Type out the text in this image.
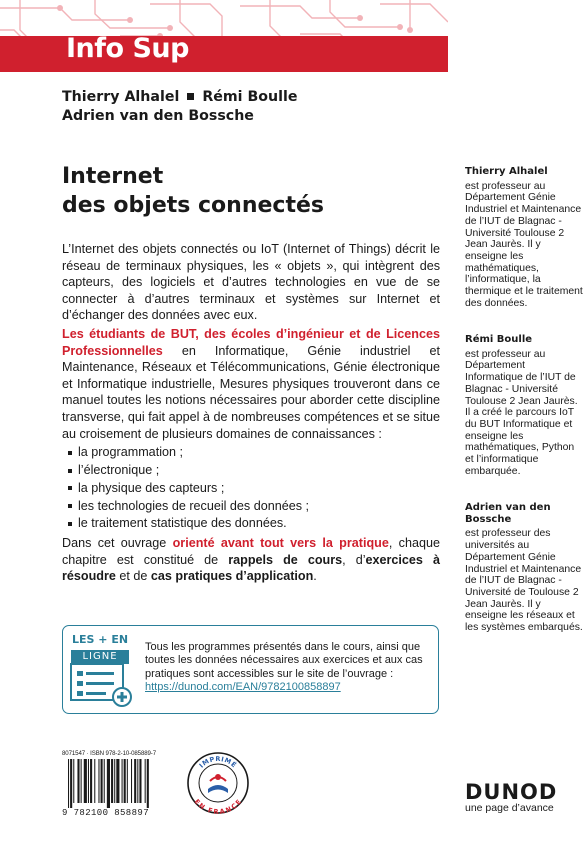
Info Sup
Thierry Alhalel Rémi Boulle
Adrien van den Bossche
Internet
des objets connectés

L’Internet des objets connectés ou IoT (Internet of Things) décrit le réseau de terminaux physiques, les « objets », qui intègrent des capteurs, des logiciels et d’autres technologies en vue de se connecter à d’autres terminaux et systèmes sur Internet et d’échanger des données avec eux.

Les étudiants de BUT, des écoles d’ingénieur et de Licences Professionnelles en Informatique, Génie industriel et Maintenance, Réseaux et Télécommunications, Génie électronique et Informatique industrielle, Mesures physiques trouveront dans ce manuel toutes les notions nécessaires pour aborder cette discipline transverse, qui fait appel à de nombreuses compétences et se situe au croisement de plusieurs domaines de connaissances :

la programmation ;
l’électronique ;
la physique des capteurs ;
les technologies de recueil des données ;
le traitement statistique des données.

Dans cet ouvrage orienté avant tout vers la pratique, chaque chapitre est constitué de rappels de cours, d’exercices à résoudre et de cas pratiques d’application.

Thierry Alhalel
est professeur au Département Génie Industriel et Maintenance de l’IUT de Blagnac - Université Toulouse 2 Jean Jaurès. Il y enseigne les mathématiques, l’informatique, la thermique et le traitement des données.
Rémi Boulle
est professeur au Département Informatique de l’IUT de Blagnac - Université Toulouse 2 Jean Jaurès. Il a créé le parcours IoT du BUT Informatique et enseigne les mathématiques, Python et l’informatique embarquée.
Adrien van den Bossche
est professeur des universités au Département Génie Industriel et Maintenance de l’IUT de Blagnac - Université de Toulouse 2 Jean Jaurès. Il y enseigne les réseaux et les systèmes embarqués.
LES + EN
LIGNE
Tous les programmes présentés dans le cours, ainsi que toutes les données nécessaires aux exercices et aux cas pratiques sont accessibles sur le site de l’ouvrage :
https://dunod.com/EAN/9782100858897
8071547 · ISBN 978-2-10-085889-7
9 782100 858897
IMPRIMÉ
EN FRANCE	DUNOD
une page d’avance
